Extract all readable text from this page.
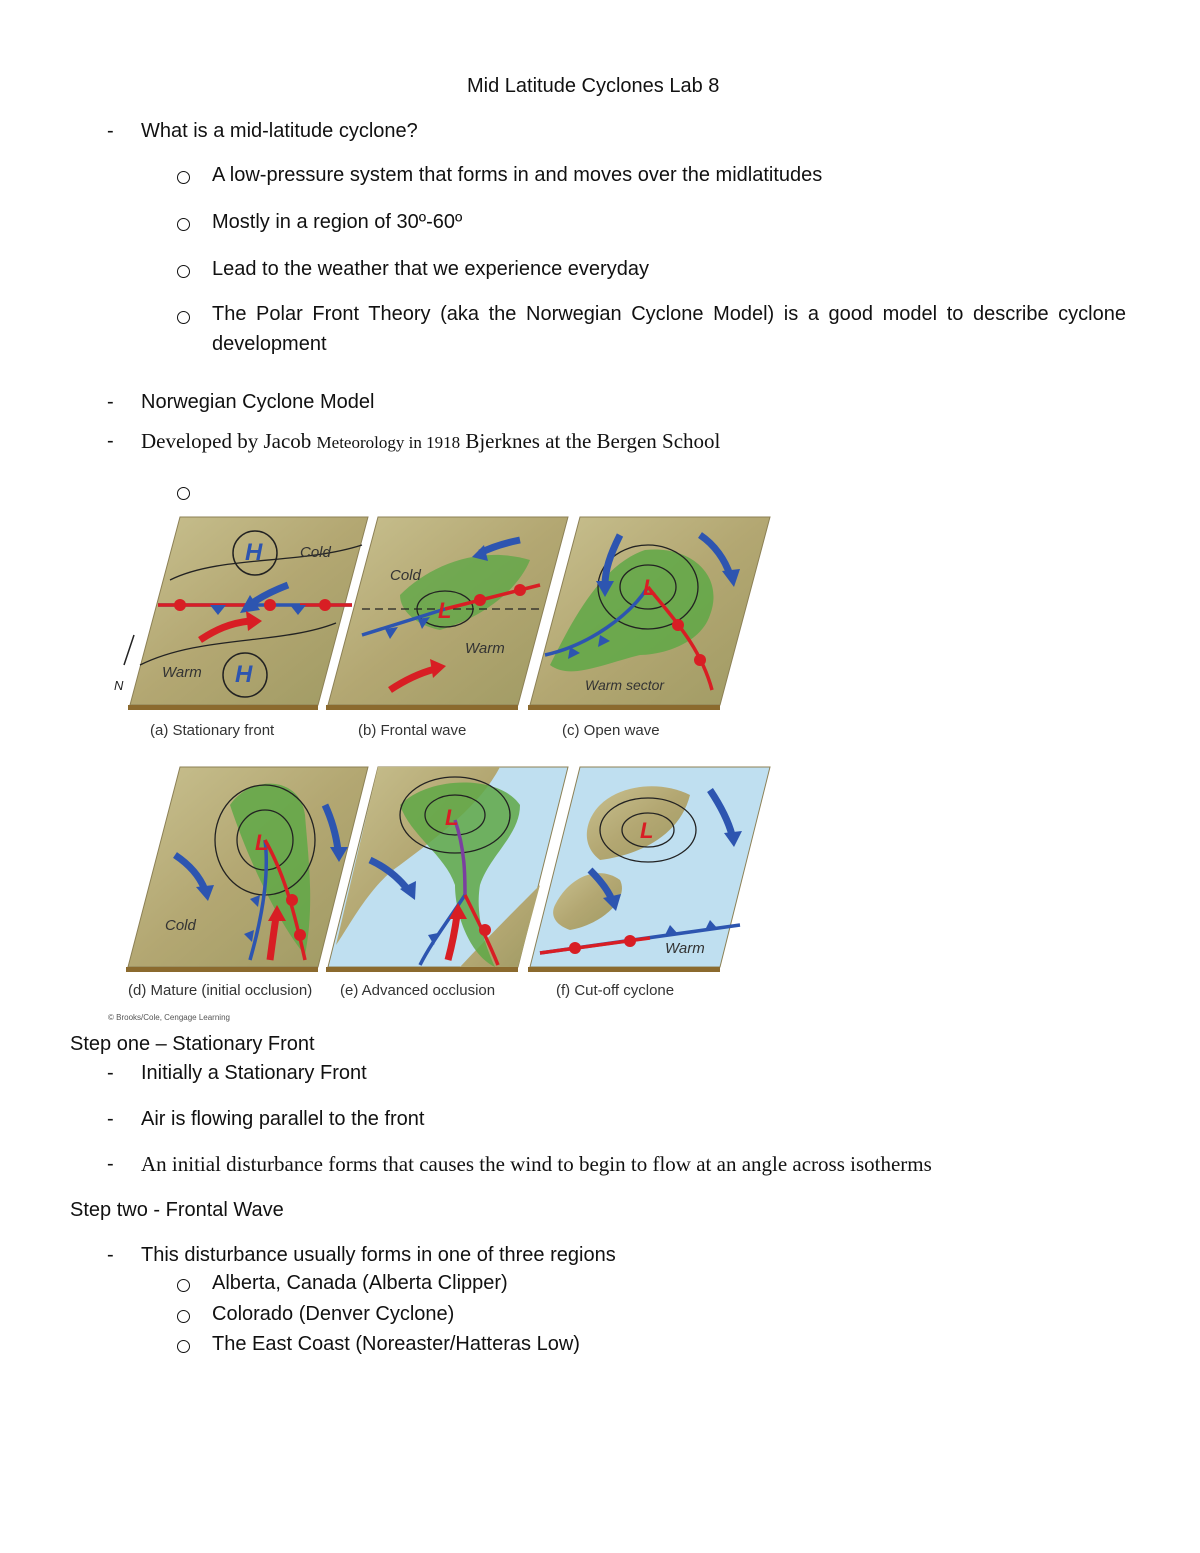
Mid Latitude Cyclones Lab 8
- What is a mid-latitude cyclone?
A low-pressure system that forms in and moves over the midlatitudes
Mostly in a region of 30º-60º
Lead to the weather that we experience everyday
The Polar Front Theory (aka the Norwegian Cyclone Model) is a good model to describe cyclone development
- Norwegian Cyclone Model
- Developed by Jacob Meteorology in 1918 Bjerknes at the Bergen School
H
H
Cold
Warm
N
L
Cold
Warm
L
Warm sector
L
Cold
L
L
Warm
(a) Stationary front	(b) Frontal wave	(c) Open wave
(d) Mature (initial occlusion) (e) Advanced occlusion	(f) Cut-off cyclone
© Brooks/Cole, Cengage Learning
Step one – Stationary Front
- Initially a Stationary Front
- Air is flowing parallel to the front
- An initial disturbance forms that causes the wind to begin to flow at an angle across isotherms
Step two - Frontal Wave
- This disturbance usually forms in one of three regions
Alberta, Canada (Alberta Clipper)
Colorado (Denver Cyclone)
The East Coast (Noreaster/Hatteras Low)
